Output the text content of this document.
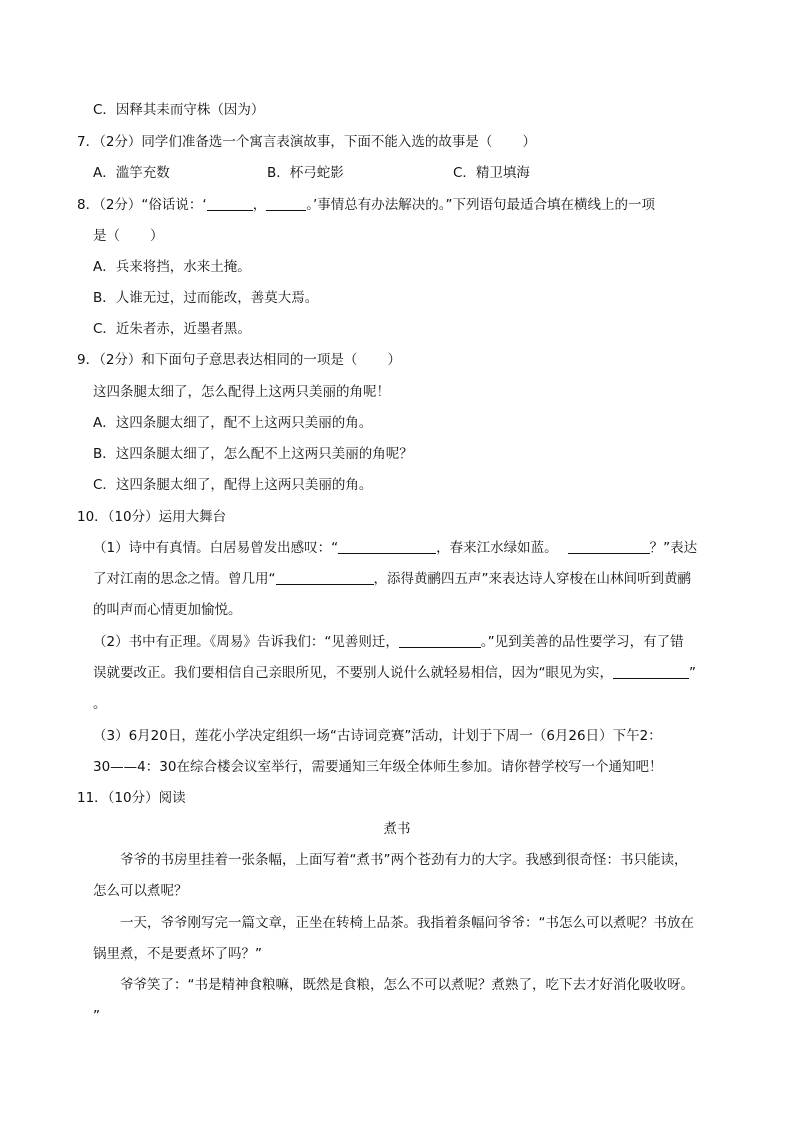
C．因释其耒而守株（因为）
7．（2分）同学们准备选一个寓言表演故事，下面不能入选的故事是（ ）
A．滥竽充数	B．杯弓蛇影	C．精卫填海
8．（2分）“俗话说：‘	，	。’事情总有办法解决的。”下列语句最适合填在横线上的一项
是（ ）
A．兵来将挡，水来土掩。
B．人谁无过，过而能改，善莫大焉。
C．近朱者赤，近墨者黑。
9．（2分）和下面句子意思表达相同的一项是（ ）
这四条腿太细了，怎么配得上这两只美丽的角呢！
A．这四条腿太细了，配不上这两只美丽的角。
B．这四条腿太细了，怎么配不上这两只美丽的角呢？
C．这四条腿太细了，配得上这两只美丽的角。
10．（10分）运用大舞台
（1）诗中有真情。白居易曾发出感叹：“	，春来江水绿如蓝。	？”表达
了对江南的思念之情。曾几用“	，添得黄鹂四五声”来表达诗人穿梭在山林间听到黄鹂
的叫声而心情更加愉悦。
（2）书中有正理。《周易》告诉我们：“见善则迁，	。”见到美善的品性要学习，有了错
误就要改正。我们要相信自己亲眼所见，不要别人说什么就轻易相信，因为“眼见为实，	”
。
（3）6月20日，莲花小学决定组织一场“古诗词竞赛”活动，计划于下周一（6月26日）下午2：
30——4：30在综合楼会议室举行，需要通知三年级全体师生参加。请你替学校写一个通知吧！
11．（10分）阅读
煮书
爷爷的书房里挂着一张条幅，上面写着“煮书”两个苍劲有力的大字。我感到很奇怪：书只能读，
怎么可以煮呢？
一天，爷爷刚写完一篇文章，正坐在转椅上品茶。我指着条幅问爷爷：“书怎么可以煮呢？书放在
锅里煮，不是要煮坏了吗？”
爷爷笑了：“书是精神食粮嘛，既然是食粮，怎么不可以煮呢？煮熟了，吃下去才好消化吸收呀。
”
